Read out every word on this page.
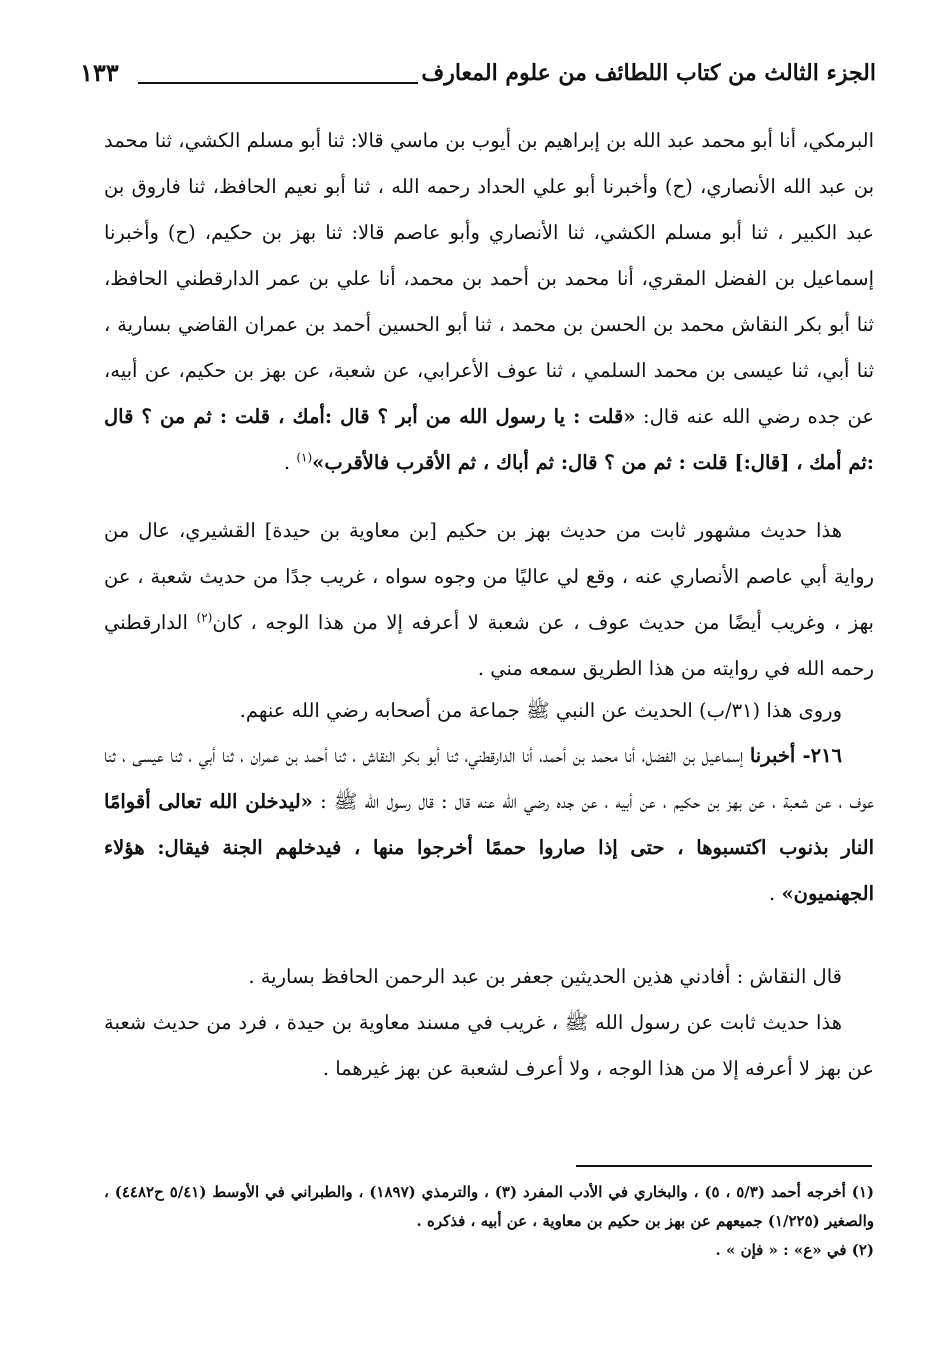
الجزء الثالث من كتاب اللطائف من علوم المعارف
١٣٣
البرمكي، أنا أبو محمد عبد الله بن إبراهيم بن أيوب بن ماسي قالا: ثنا أبو مسلم الكشي، ثنا محمد بن عبد الله الأنصاري، (ح) وأخبرنا أبو علي الحداد رحمه الله ، ثنا أبو نعيم الحافظ، ثنا فاروق بن عبد الكبير ، ثنا أبو مسلم الكشي، ثنا الأنصاري وأبو عاصم قالا: ثنا بهز بن حكيم، (ح) وأخبرنا إسماعيل بن الفضل المقري، أنا محمد بن أحمد بن محمد، أنا علي بن عمر الدارقطني الحافظ، ثنا أبو بكر النقاش محمد بن الحسن بن محمد ، ثنا أبو الحسين أحمد بن عمران القاضي بسارية ، ثنا أبي، ثنا عيسى بن محمد السلمي ، ثنا عوف الأعرابي، عن شعبة، عن بهز بن حكيم، عن أبيه، عن جده رضي الله عنه قال: «قلت : يا رسول الله من أبر ؟ قال :أمك ، قلت : ثم من ؟ قال :ثم أمك ، [قال:] قلت : ثم من ؟ قال: ثم أباك ، ثم الأقرب فالأقرب»$^{(١)}$ .
هذا حديث مشهور ثابت من حديث بهز بن حكيم [بن معاوية بن حيدة] القشيري، عال من رواية أبي عاصم الأنصاري عنه ، وقع لي عاليًا من وجوه سواه ، غريب جدًا من حديث شعبة ، عن بهز ، وغريب أيضًا من حديث عوف ، عن شعبة لا أعرفه إلا من هذا الوجه ، كان$^{(٢)}$ الدارقطني رحمه الله في روايته من هذا الطريق سمعه مني .
وروى هذا (٣١/ب) الحديث عن النبي ﷺ جماعة من أصحابه رضي الله عنهم.
٢١٦- أخبرنا إسماعيل بن الفضل، أنا محمد بن أحمد، أنا الدارقطني، ثنا أبو بكر النقاش ، ثنا أحمد بن عمران ، ثنا أبي ، ثنا عيسى ، ثنا عوف ، عن شعبة ، عن بهز بن حكيم ، عن أبيه ، عن جده رضي الله عنه قال : قال رسول الله ﷺ : «ليدخلن الله تعالى أقوامًا النار بذنوب اكتسبوها ، حتى إذا صاروا حممًا أخرجوا منها ، فيدخلهم الجنة فيقال: هؤلاء الجهنميون» .
قال النقاش : أفادني هذين الحديثين جعفر بن عبد الرحمن الحافظ بسارية .
هذا حديث ثابت عن رسول الله ﷺ ، غريب في مسند معاوية بن حيدة ، فرد من حديث شعبة عن بهز لا أعرفه إلا من هذا الوجه ، ولا أعرف لشعبة عن بهز غيرهما .

(١) أخرجه أحمد (٥/٣ ، ٥) ، والبخاري في الأدب المفرد (٣) ، والترمذي (١٨٩٧) ، والطبراني في الأوسط (٥/٤١ ح٤٤٨٢) ، والصغير (١/٢٢٥) جميعهم عن بهز بن حكيم بن معاوية ، عن أبيه ، فذكره .

(٢) في «ع» : « فإن » .
